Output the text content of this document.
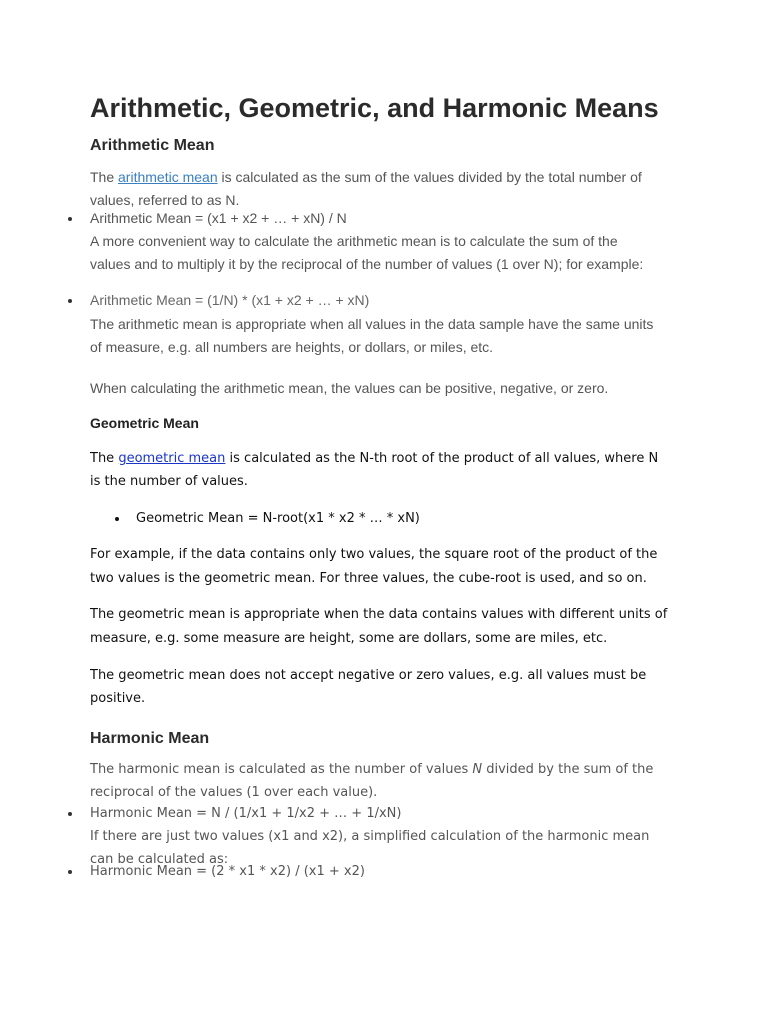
Arithmetic, Geometric, and Harmonic Means
Arithmetic Mean

The arithmetic mean is calculated as the sum of the values divided by the total number of

values, referred to as N.

Arithmetic Mean = (x1 + x2 + … + xN) / N

A more convenient way to calculate the arithmetic mean is to calculate the sum of the

values and to multiply it by the reciprocal of the number of values (1 over N); for example:

Arithmetic Mean = (1/N) * (x1 + x2 + … + xN)

The arithmetic mean is appropriate when all values in the data sample have the same units

of measure, e.g. all numbers are heights, or dollars, or miles, etc.

When calculating the arithmetic mean, the values can be positive, negative, or zero.

Geometric Mean

The geometric mean is calculated as the N-th root of the product of all values, where N

is the number of values.

Geometric Mean = N-root(x1 * x2 * … * xN)

For example, if the data contains only two values, the square root of the product of the

two values is the geometric mean. For three values, the cube-root is used, and so on.

The geometric mean is appropriate when the data contains values with different units of

measure, e.g. some measure are height, some are dollars, some are miles, etc.

The geometric mean does not accept negative or zero values, e.g. all values must be

positive.

Harmonic Mean

The harmonic mean is calculated as the number of values N divided by the sum of the

reciprocal of the values (1 over each value).

Harmonic Mean = N / (1/x1 + 1/x2 + … + 1/xN)

If there are just two values (x1 and x2), a simplified calculation of the harmonic mean

can be calculated as:

Harmonic Mean = (2 * x1 * x2) / (x1 + x2)
